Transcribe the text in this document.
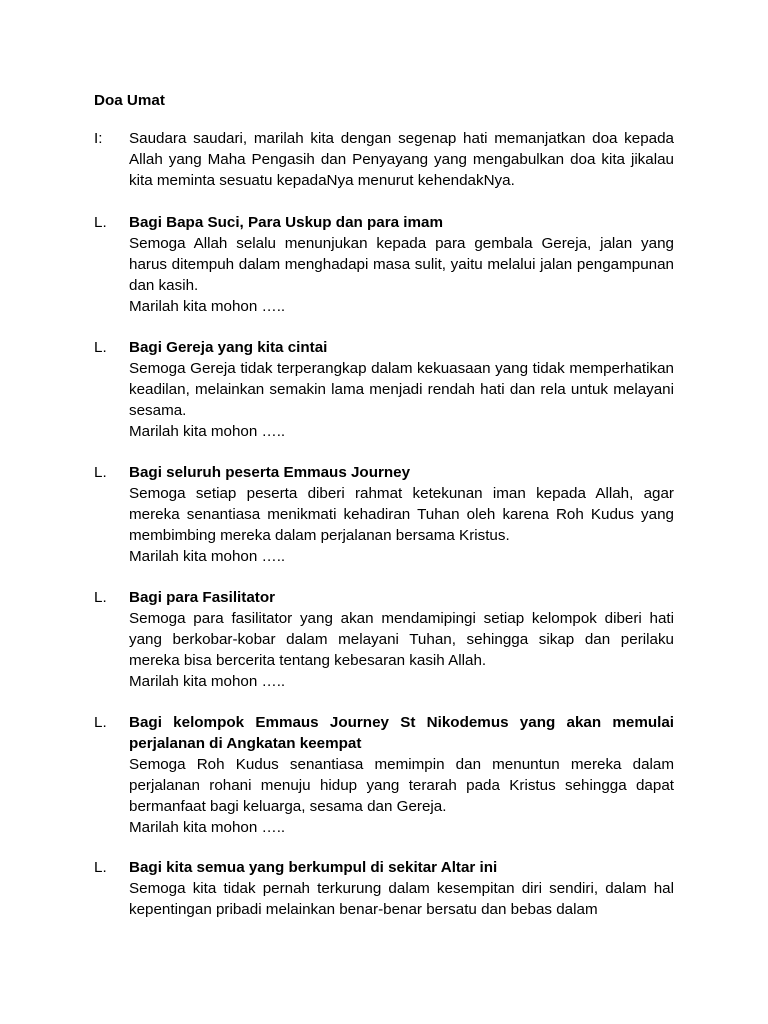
Doa Umat
I:	Saudara saudari, marilah kita dengan segenap hati memanjatkan doa kepada Allah yang Maha Pengasih dan Penyayang yang mengabulkan doa kita jikalau kita meminta sesuatu kepadaNya menurut kehendakNya.
L.	Bagi Bapa Suci, Para Uskup dan para imam
Semoga Allah selalu menunjukan kepada para gembala Gereja, jalan yang harus ditempuh dalam menghadapi masa sulit, yaitu melalui jalan pengampunan dan kasih.
Marilah kita mohon …..
L.	Bagi Gereja yang kita cintai
Semoga Gereja tidak terperangkap dalam kekuasaan yang tidak memperhatikan keadilan, melainkan semakin lama menjadi rendah hati dan rela untuk melayani sesama.
Marilah kita mohon …..
L.	Bagi seluruh peserta Emmaus Journey
Semoga setiap peserta diberi rahmat ketekunan iman kepada Allah, agar mereka senantiasa menikmati kehadiran Tuhan oleh karena Roh Kudus yang membimbing mereka dalam perjalanan bersama Kristus.
Marilah kita mohon …..
L.	Bagi para Fasilitator
Semoga para fasilitator yang akan mendamipingi setiap kelompok diberi hati yang berkobar-kobar dalam melayani Tuhan, sehingga sikap dan perilaku mereka bisa bercerita tentang kebesaran kasih Allah.
Marilah kita mohon …..
L.	Bagi kelompok Emmaus Journey St Nikodemus yang akan memulai perjalanan di Angkatan keempat
Semoga Roh Kudus senantiasa memimpin dan menuntun mereka dalam perjalanan rohani menuju hidup yang terarah pada Kristus sehingga dapat bermanfaat bagi keluarga, sesama dan Gereja.
Marilah kita mohon …..
L.	Bagi kita semua yang berkumpul di sekitar Altar ini
Semoga kita tidak pernah terkurung dalam kesempitan diri sendiri, dalam hal kepentingan pribadi melainkan benar-benar bersatu dan bebas dalam
